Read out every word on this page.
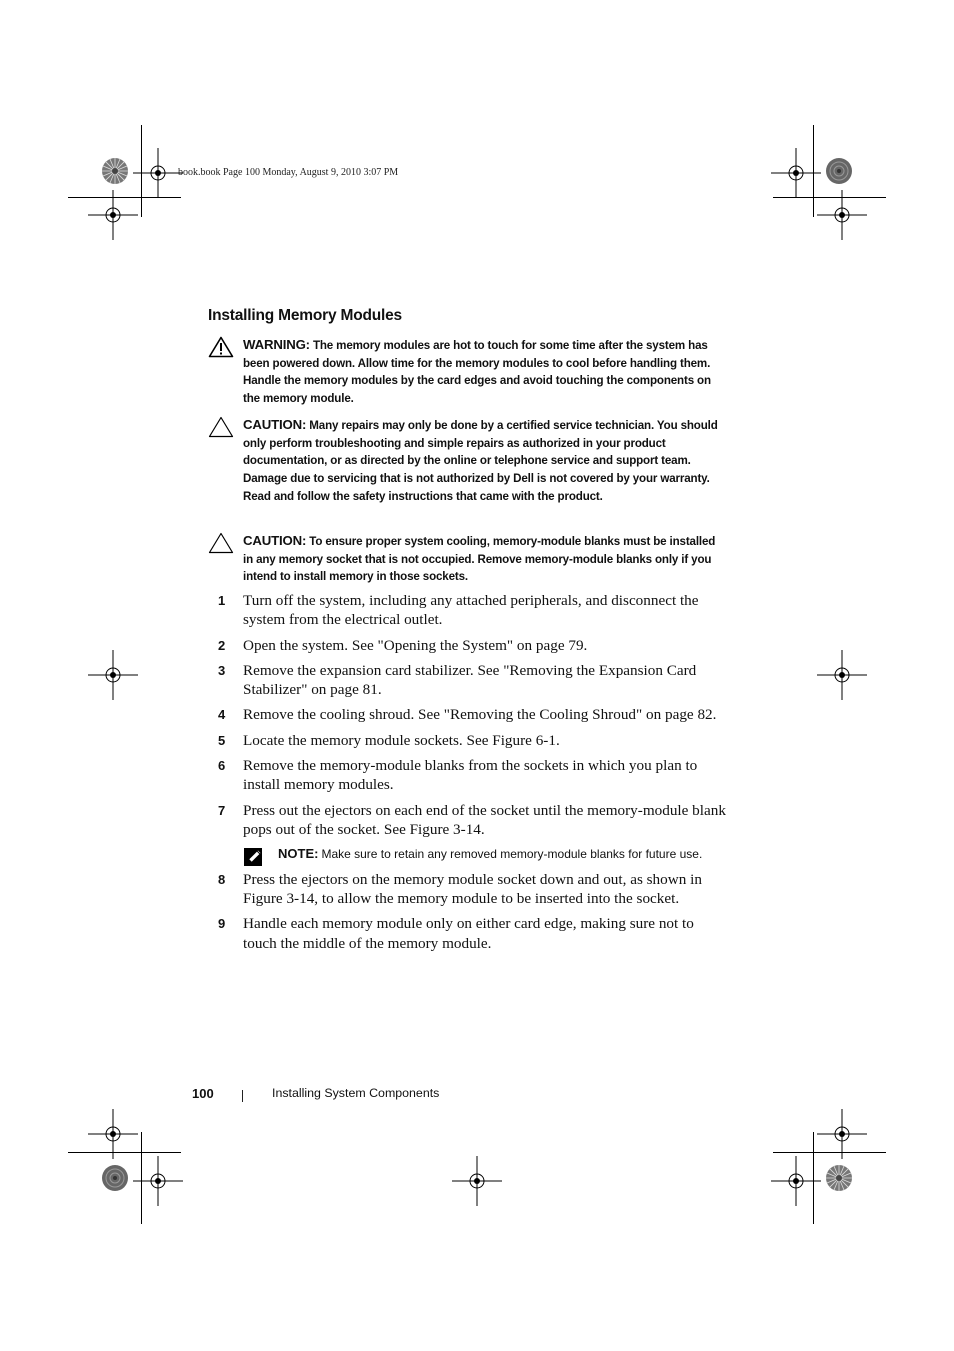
book.book Page 100 Monday, August 9, 2010 3:07 PM
Installing Memory Modules
WARNING: The memory modules are hot to touch for some time after the system has been powered down. Allow time for the memory modules to cool before handling them. Handle the memory modules by the card edges and avoid touching the components on the memory module.
CAUTION: Many repairs may only be done by a certified service technician. You should only perform troubleshooting and simple repairs as authorized in your product documentation, or as directed by the online or telephone service and support team. Damage due to servicing that is not authorized by Dell is not covered by your warranty. Read and follow the safety instructions that came with the product.
CAUTION: To ensure proper system cooling, memory-module blanks must be installed in any memory socket that is not occupied. Remove memory-module blanks only if you intend to install memory in those sockets.
1 Turn off the system, including any attached peripherals, and disconnect the system from the electrical outlet.
2 Open the system. See "Opening the System" on page 79.
3 Remove the expansion card stabilizer. See "Removing the Expansion Card Stabilizer" on page 81.
4 Remove the cooling shroud. See "Removing the Cooling Shroud" on page 82.
5 Locate the memory module sockets. See Figure 6-1.
6 Remove the memory-module blanks from the sockets in which you plan to install memory modules.
7 Press out the ejectors on each end of the socket until the memory-module blank pops out of the socket. See Figure 3-14.
NOTE: Make sure to retain any removed memory-module blanks for future use.
8 Press the ejectors on the memory module socket down and out, as shown in Figure 3-14, to allow the memory module to be inserted into the socket.
9 Handle each memory module only on either card edge, making sure not to touch the middle of the memory module.
100	Installing System Components
